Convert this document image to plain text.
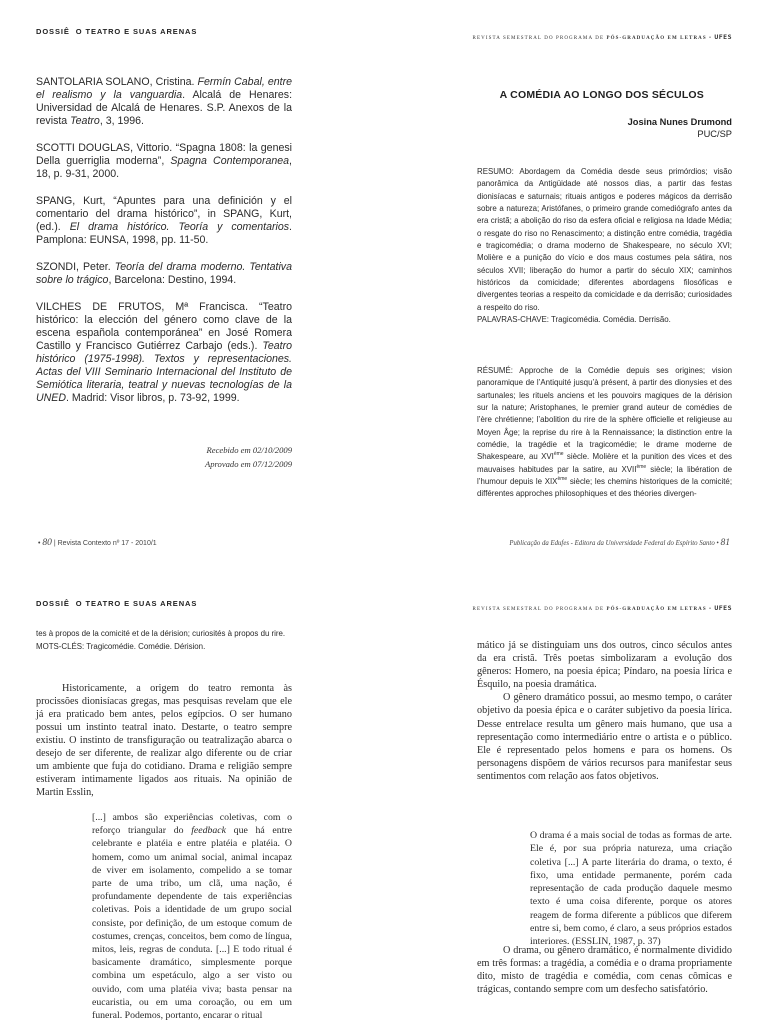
DOSSIÊ O TEATRO E SUAS ARENAS

SANTOLARIA SOLANO, Cristina. Fermín Cabal, entre el realismo y la vanguardia. Alcalá de Henares: Universidad de Alcalá de Henares. S.P. Anexos de la revista Teatro, 3, 1996.

SCOTTI DOUGLAS, Vittorio. “Spagna 1808: la genesi Della guerriglia moderna”, Spagna Contemporanea, 18, p. 9-31, 2000.

SPANG, Kurt, “Apuntes para una definición y el comentario del drama histórico”, in SPANG, Kurt, (ed.). El drama histórico. Teoría y comentarios. Pamplona: EUNSA, 1998, pp. 11-50.

SZONDI, Peter. Teoría del drama moderno. Tentativa sobre lo trágico, Barcelona: Destino, 1994.

VILCHES DE FRUTOS, Mª Francisca. “Teatro histórico: la elección del género como clave de la escena española contemporánea” en José Romera Castillo y Francisco Gutiérrez Carbajo (eds.). Teatro histórico (1975-1998). Textos y representaciones. Actas del VIII Seminario Internacional del Instituto de Semiótica literaria, teatral y nuevas tecnologías de la UNED. Madrid: Visor libros, p. 73-92, 1999.

Recebido em 02/10/2009
Aprovado em 07/12/2009
REVISTA SEMESTRAL DO PROGRAMA DE PÓS-GRADUAÇÃO EM LETRAS • UFES
A COMÉDIA AO LONGO DOS SÉCULOS
Josina Nunes Drumond
PUC/SP

RESUMO: Abordagem da Comédia desde seus primórdios; visão panorâmica da Antigüidade até nossos dias, a partir das festas dionisíacas e saturnais; rituais antigos e poderes mágicos da derrisão sobre a natureza; Aristófanes, o primeiro grande comediógrafo antes da era cristã; a abolição do riso da esfera oficial e religiosa na Idade Média; o resgate do riso no Renascimento; a distinção entre comédia, tragédia e tragicomédia; o drama moderno de Shakespeare, no século XVI; Molière e a punição do vício e dos maus costumes pela sátira, nos séculos XVII; liberação do humor a partir do século XIX; caminhos históricos da comicidade; diferentes abordagens filosóficas e divergentes teorias a respeito da comicidade e da derrisão; curiosidades a respeito do riso.

PALAVRAS-CHAVE: Tragicomédia. Comédia. Derrisão.

RÉSUMÉ: Approche de la Comédie depuis ses origines; vision panoramique de l’Antiquité jusqu’à présent, à partir des dionysies et des sartunales; les rituels anciens et les pouvoirs magiques de la dérision sur la nature; Aristophanes, le premier grand auteur de comédies de l’ère chrétienne; l’abolition du rire de la sphère officielle et religieuse au Moyen Âge; la reprise du rire à la Rennaissance; la distinction entre la comédie, la tragédie et la tragicomédie; le drame moderne de Shakespeare, au XVIème siècle. Molière et la punition des vices et des mauvaises habitudes par la satire, au XVIIème siècle; la libération de l’humour depuis le XIXème siècle; les chemins historiques de la comicité; différentes approches philosophiques et des théories divergen-

• 80 | Revista Contexto nº 17 - 2010/1	Publicação da Edufes - Editora da Universidade Federal do Espírito Santo • 81
DOSSIÊ O TEATRO E SUAS ARENAS

tes à propos de la comicité et de la dérision; curiosités à propos du rire.

MOTS-CLÉS: Tragicomédie. Comédie. Dérision.

Historicamente, a origem do teatro remonta às procissões dionisíacas gregas, mas pesquisas revelam que ele já era praticado bem antes, pelos egípcios. O ser humano possui um instinto teatral inato. Destarte, o teatro sempre existiu. O instinto de transfiguração ou teatralização abarca o desejo de ser diferente, de realizar algo diferente ou de criar um ambiente que fuja do cotidiano. Drama e religião sempre estiveram intimamente ligados aos rituais. Na opinião de Martin Esslin,

[...] ambos são experiências coletivas, com o reforço triangular do feedback que há entre celebrante e platéia e entre platéia e platéia. O homem, como um animal social, animal incapaz de viver em isolamento, compelido a se tomar parte de uma tribo, um clã, uma nação, é profundamente dependente de tais experiências coletivas. Pois a identidade de um grupo social consiste, por definição, de um estoque comum de costumes, crenças, conceitos, bem como de língua, mitos, leis, regras de conduta. [...] E todo ritual é basicamente dramático, simplesmente porque combina um espetáculo, algo a ser visto ou ouvido, com uma platéia viva; basta pensar na eucaristia, ou em uma coroação, ou em um funeral. Podemos, portanto, encarar o ritual

REVISTA SEMESTRAL DO PROGRAMA DE PÓS-GRADUAÇÃO EM LETRAS • UFES

mático já se distinguiam uns dos outros, cinco séculos antes da era cristã. Três poetas simbolizaram a evolução dos gêneros: Homero, na poesia épica; Píndaro, na poesia lírica e Ésquilo, na poesia dramática.

O gênero dramático possui, ao mesmo tempo, o caráter objetivo da poesia épica e o caráter subjetivo da poesia lírica. Desse entrelace resulta um gênero mais humano, que usa a representação como intermediário entre o artista e o público. Ele é representado pelos homens e para os homens. Os personagens dispõem de vários recursos para manifestar seus sentimentos com relação aos fatos objetivos.

O drama é a mais social de todas as formas de arte. Ele é, por sua própria natureza, uma criação coletiva [...] A parte literária do drama, o texto, é fixo, uma entidade permanente, porém cada representação de cada produção daquele mesmo texto é uma coisa diferente, porque os atores reagem de forma diferente a públicos que diferem entre si, bem como, é claro, a seus próprios estados interiores. (ESSLIN, 1987, p. 37)

O drama, ou gênero dramático, é normalmente dividido em três formas: a tragédia, a comédia e o drama propriamente dito, misto de tragédia e comédia, com cenas cômicas e trágicas, contando sempre com um desfecho satisfatório.
